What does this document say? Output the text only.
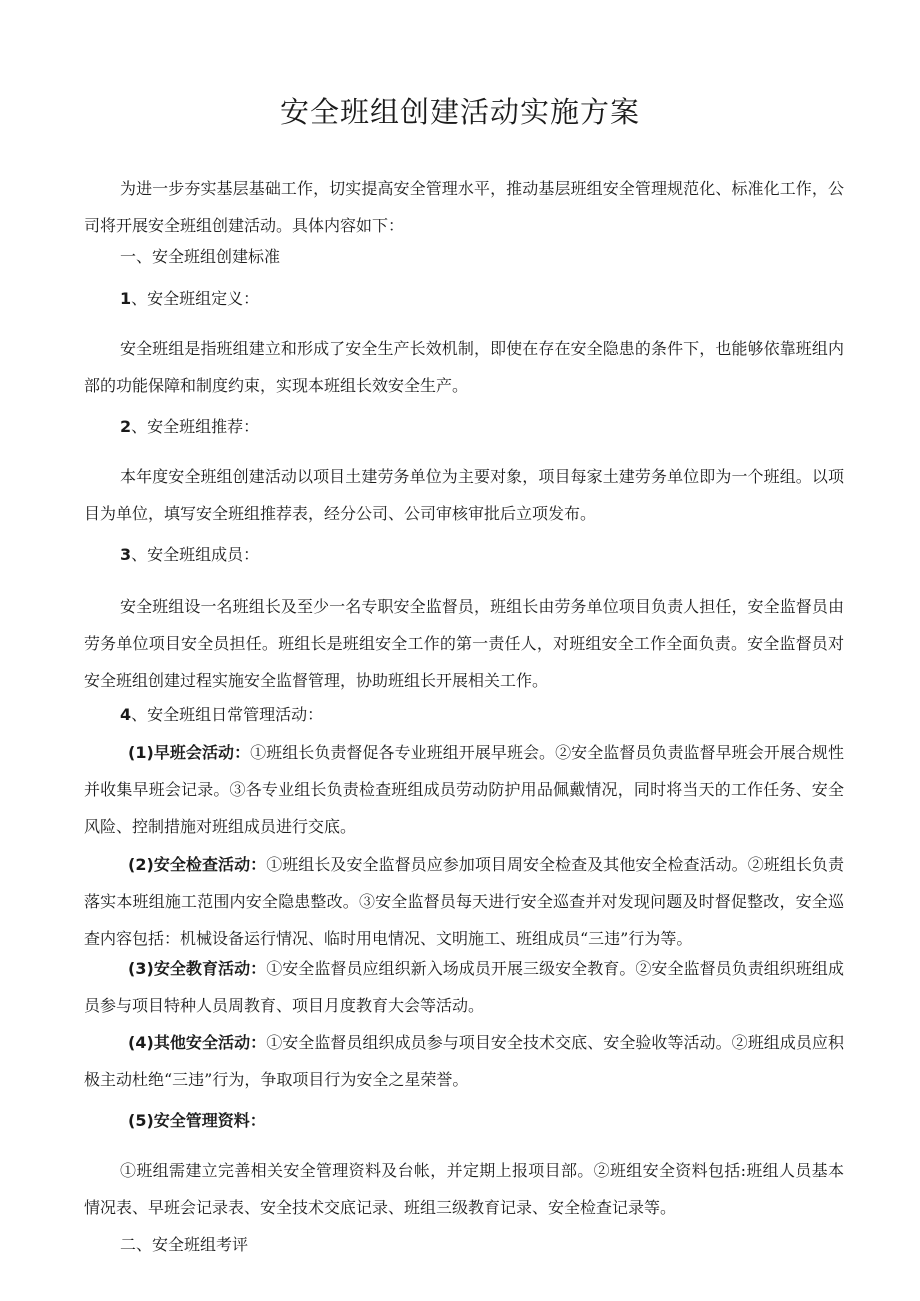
安全班组创建活动实施方案

为进一步夯实基层基础工作，切实提高安全管理水平，推动基层班组安全管理规范化、标准化工作，公司将开展安全班组创建活动。具体内容如下：

一、安全班组创建标准

1、安全班组定义：

安全班组是指班组建立和形成了安全生产长效机制，即使在存在安全隐患的条件下，也能够依靠班组内部的功能保障和制度约束，实现本班组长效安全生产。

2、安全班组推荐：

本年度安全班组创建活动以项目土建劳务单位为主要对象，项目每家土建劳务单位即为一个班组。以项目为单位，填写安全班组推荐表，经分公司、公司审核审批后立项发布。

3、安全班组成员：

安全班组设一名班组长及至少一名专职安全监督员，班组长由劳务单位项目负责人担任，安全监督员由劳务单位项目安全员担任。班组长是班组安全工作的第一责任人，对班组安全工作全面负责。安全监督员对安全班组创建过程实施安全监督管理，协助班组长开展相关工作。

4、安全班组日常管理活动：

(1)早班会活动：①班组长负责督促各专业班组开展早班会。②安全监督员负责监督早班会开展合规性并收集早班会记录。③各专业组长负责检查班组成员劳动防护用品佩戴情况，同时将当天的工作任务、安全风险、控制措施对班组成员进行交底。

(2)安全检查活动：①班组长及安全监督员应参加项目周安全检查及其他安全检查活动。②班组长负责落实本班组施工范围内安全隐患整改。③安全监督员每天进行安全巡查并对发现问题及时督促整改，安全巡查内容包括：机械设备运行情况、临时用电情况、文明施工、班组成员“三违”行为等。

(3)安全教育活动：①安全监督员应组织新入场成员开展三级安全教育。②安全监督员负责组织班组成员参与项目特种人员周教育、项目月度教育大会等活动。

(4)其他安全活动：①安全监督员组织成员参与项目安全技术交底、安全验收等活动。②班组成员应积极主动杜绝“三违”行为，争取项目行为安全之星荣誉。

(5)安全管理资料：

①班组需建立完善相关安全管理资料及台帐，并定期上报项目部。②班组安全资料包括:班组人员基本情况表、早班会记录表、安全技术交底记录、班组三级教育记录、安全检查记录等。

二、安全班组考评
